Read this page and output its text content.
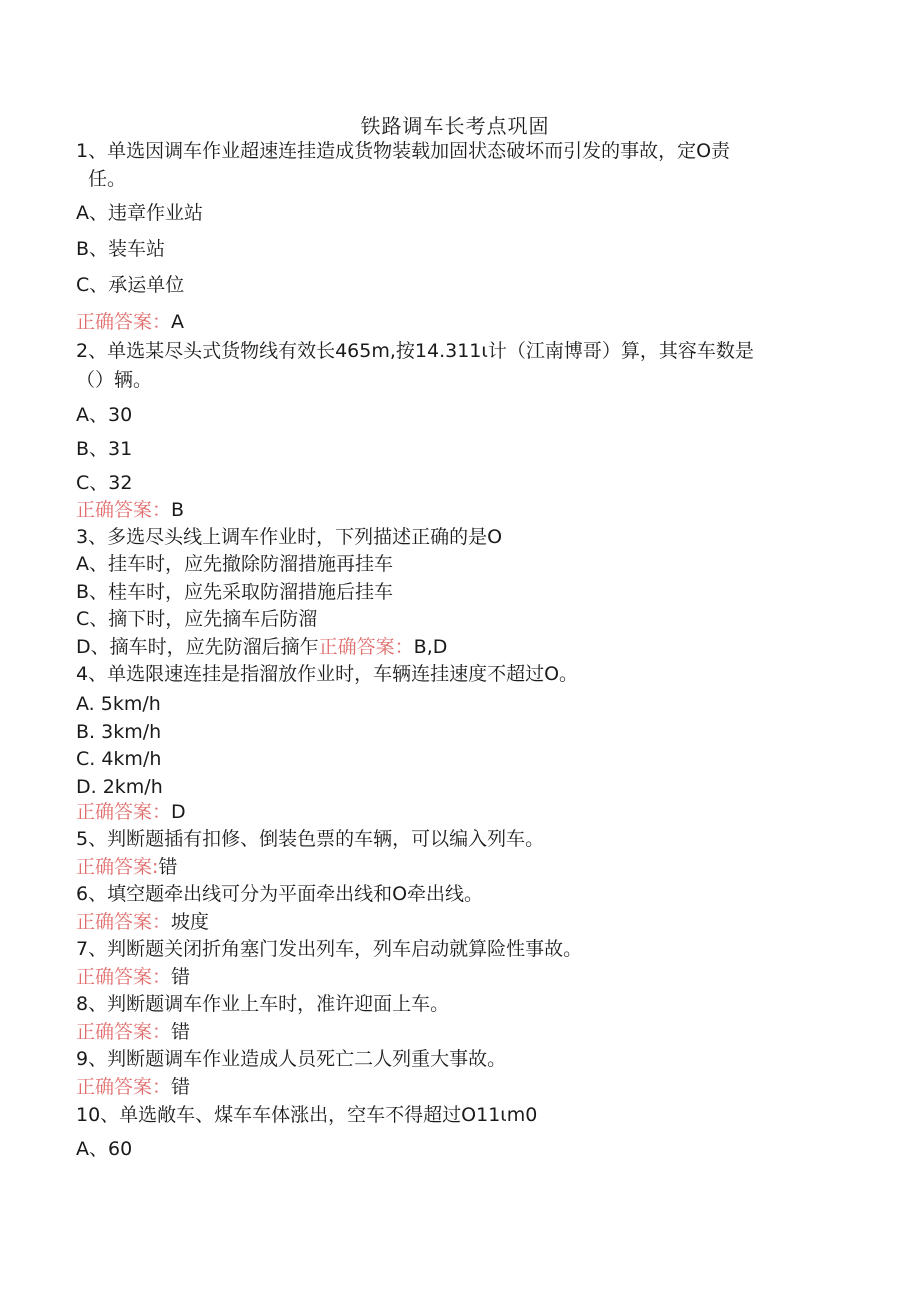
铁路调车长考点巩固
1、单选因调车作业超速连挂造成货物装载加固状态破坏而引发的事故，定O责
任。
A、违章作业站
B、装车站
C、承运单位
正确答案：A
2、单选某尽头式货物线有效长465m,按14.311ι计（江南博哥）算，其容车数是
（）辆。
A、30
B、31
C、32
正确答案：B
3、多选尽头线上调车作业时，下列描述正确的是O
A、挂车时，应先撤除防溜措施再挂车
B、桂车时，应先采取防溜措施后挂车
C、摘下时，应先摘车后防溜
D、摘车时，应先防溜后摘乍正确答案：B,D
4、单选限速连挂是指溜放作业时，车辆连挂速度不超过O。
A. 5km∕h
B. 3km∕h
C. 4km/h
D. 2km∕h
正确答案：D
5、判断题插有扣修、倒装色票的车辆，可以编入列车。
正确答案:错
6、填空题牵出线可分为平面牵出线和O牵出线。
正确答案：坡度
7、判断题关闭折角塞门发出列车，列车启动就算险性事故。
正确答案：错
8、判断题调车作业上车时，准许迎面上车。
正确答案：错
9、判断题调车作业造成人员死亡二人列重大事故。
正确答案：错
10、单选敞车、煤车车体涨出，空车不得超过O11ιm0
A、60
